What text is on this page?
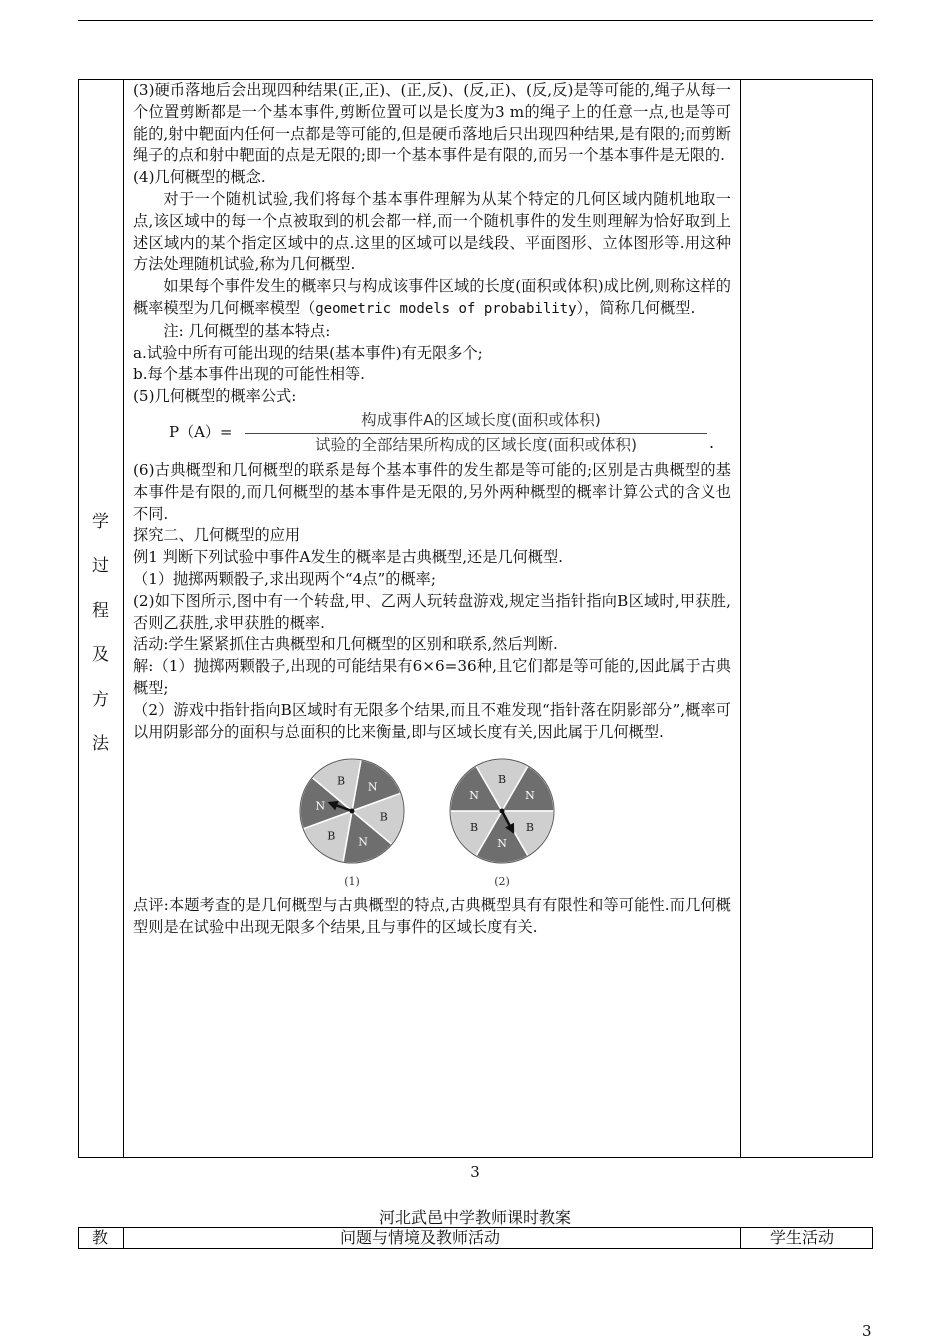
学
过
程
及
方
法

(3)硬币落地后会出现四种结果(正,正)、(正,反)、(反,正)、(反,反)是等可能的,绳子从每一个位置剪断都是一个基本事件,剪断位置可以是长度为3 m的绳子上的任意一点,也是等可能的,射中靶面内任何一点都是等可能的,但是硬币落地后只出现四种结果,是有限的;而剪断绳子的点和射中靶面的点是无限的;即一个基本事件是有限的,而另一个基本事件是无限的.

(4)几何概型的概念.

对于一个随机试验,我们将每个基本事件理解为从某个特定的几何区域内随机地取一点,该区域中的每一个点被取到的机会都一样,而一个随机事件的发生则理解为恰好取到上述区域内的某个指定区域中的点.这里的区域可以是线段、平面图形、立体图形等.用这种方法处理随机试验,称为几何概型.

如果每个事件发生的概率只与构成该事件区域的长度(面积或体积)成比例,则称这样的概率模型为几何概率模型（geometric models of probability），简称几何概型.

注: 几何概型的基本特点:

a.试验中所有可能出现的结果(基本事件)有无限多个;

b.每个基本事件出现的可能性相等.

(5)几何概型的概率公式:

P（A）=
构成事件A的区域长度(面积或体积)
试验的全部结果所构成的区域长度(面积或体积)	.

(6)古典概型和几何概型的联系是每个基本事件的发生都是等可能的;区别是古典概型的基本事件是有限的,而几何概型的基本事件是无限的,另外两种概型的概率计算公式的含义也不同.

探究二、几何概型的应用

例1 判断下列试验中事件A发生的概率是古典概型,还是几何概型.

（1）抛掷两颗骰子,求出现两个“4点”的概率;

(2)如下图所示,图中有一个转盘,甲、乙两人玩转盘游戏,规定当指针指向B区域时,甲获胜,否则乙获胜,求甲获胜的概率.

活动:学生紧紧抓住古典概型和几何概型的区别和联系,然后判断.

解:（1）抛掷两颗骰子,出现的可能结果有6×6=36种,且它们都是等可能的,因此属于古典概型;

（2）游戏中指针指向B区域时有无限多个结果,而且不难发现“指针落在阴影部分”,概率可以用阴影部分的面积与总面积的比来衡量,即与区域长度有关,因此属于几何概型.

N
B
N
B
N
B	B
N
B
N
B
N
(1)	(2)

点评:本题考查的是几何概型与古典概型的特点,古典概型具有有限性和等可能性.而几何概型则是在试验中出现无限多个结果,且与事件的区域长度有关.

3
河北武邑中学教师课时教案
教	问题与情境及教师活动	学生活动
3
